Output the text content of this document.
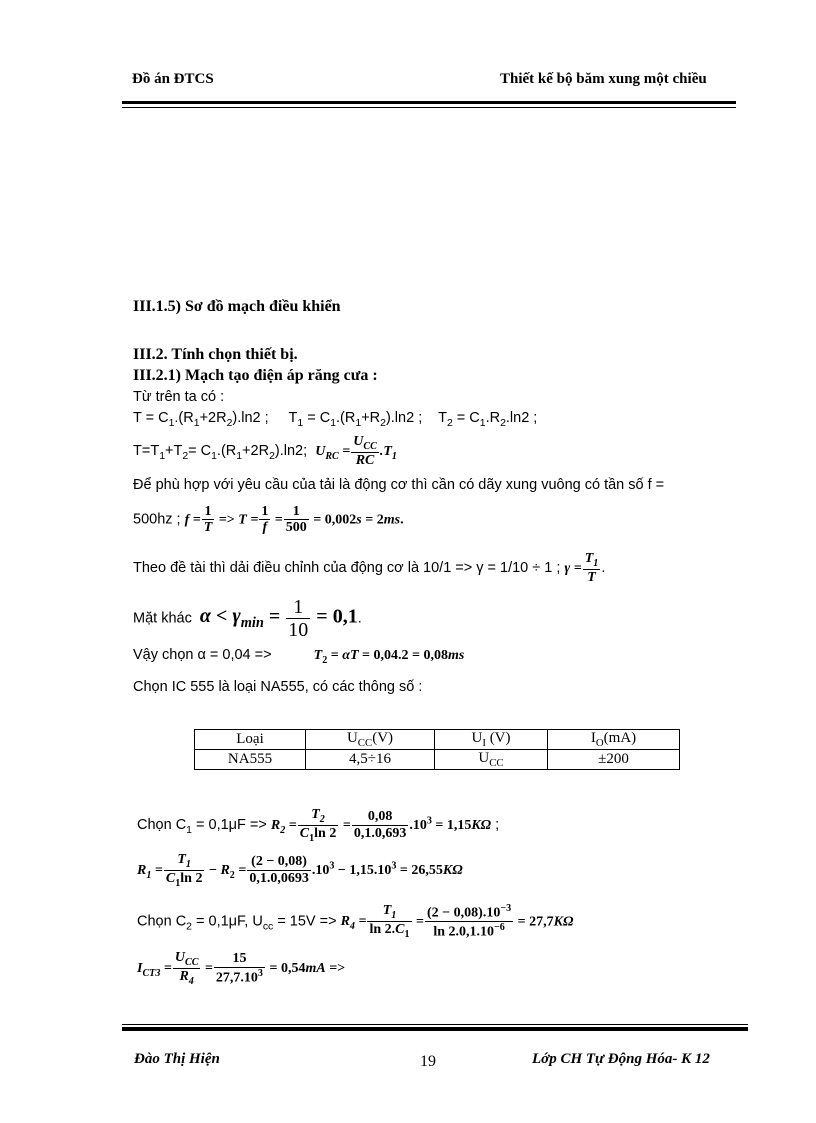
Đồ án ĐTCS	Thiết kế bộ băm xung một chiều
III.1.5) Sơ đồ mạch điều khiển
III.2. Tính chọn thiết bị.
III.2.1) Mạch tạo điện áp răng cưa :
Từ trên ta có :
$T = C_1.(R_1+2R_2).\ln 2$ ;     $T_1 = C_1.(R_1+R_2).\ln 2$ ;    $T_2 = C_1.R_2.\ln 2$ ;
$T=T_1+T_2= C_1.(R_1+2R_2).\ln 2$;  $U_{RC} = \frac{U_{CC}}{RC} .T_1$
Để phù hợp với yêu cầu của tải là động cơ thì cần có dãy xung vuông có tần số f =
500hz ; $f = \frac{1}{T} => T = \frac{1}{f} = \frac{1}{500} = 0,002s = 2ms$.
Theo đề tài thì dải điều chỉnh của động cơ là 10/1 => γ = 1/10 ÷ 1 ; $\gamma = \frac{T_1}{T}$ .
Mặt khác $\alpha < \gamma_{min} = \frac{1}{10} = 0,1$.
Vậy chọn α = 0,04 =>	$T_2 = \alpha T = 0,04.2 = 0,08ms$
Chọn IC 555 là loại NA555, có các thông số :
Loại	$U_{CC}(V)$	$U_I$ (V)	$I_O(mA)$
NA555	4,5÷16	$U_{CC}$	±200
Chọn $C_1 = 0,1\mu F => R_2 = \frac{T_2}{C_1\ln 2} = \frac{0,08}{0,1.0,693} .10^3 = 1,15K\Omega$ ;
$R_1 = \frac{T_1}{C_1\ln 2} - R_2 = \frac{(2 - 0,08)}{0,1.0,0693} .10^3 - 1,15.10^3 = 26,55K\Omega$
Chọn $C_2 = 0,1\mu F$, $U_{cc} = 15V => R_4 = \frac{T_1}{\ln 2.C_1} = \frac{(2 - 0,08).10^{-3}}{\ln 2.0,1.10^{-6}} = 27,7K\Omega$
$I_{CT3} = \frac{U_{CC}}{R_4} = \frac{15}{27,7.10^3} = 0,54mA$ =>
Đào Thị Hiện	19	Lớp CH Tự Động Hóa- K 12
